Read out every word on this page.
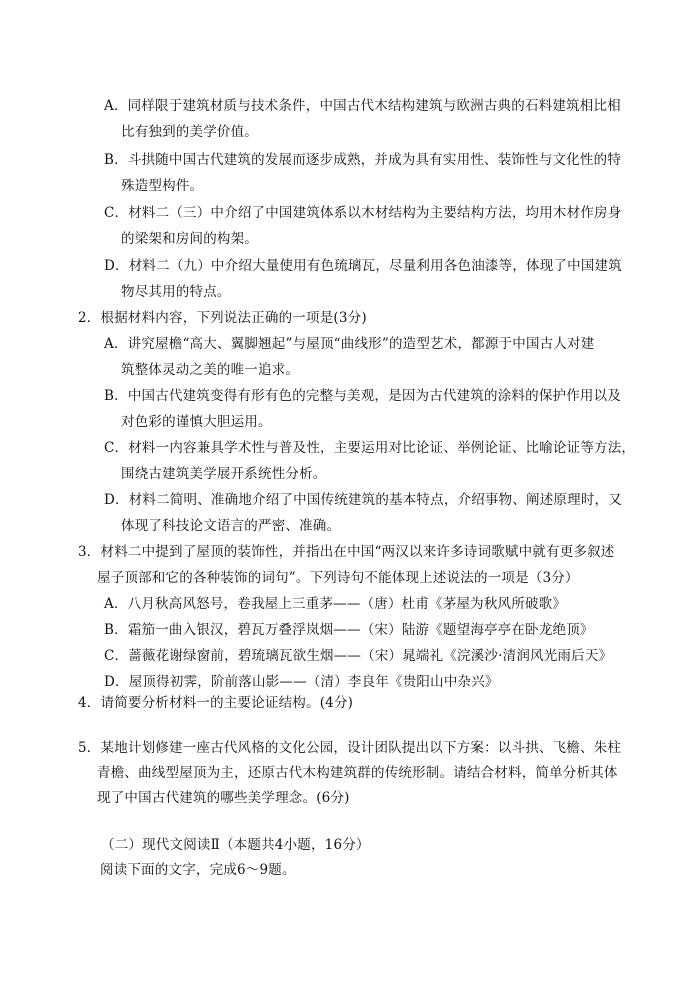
A．同样限于建筑材质与技术条件，中国古代木结构建筑与欧洲古典的石料建筑相比相
比有独到的美学价值。
B．斗拱随中国古代建筑的发展而逐步成熟，并成为具有实用性、装饰性与文化性的特
殊造型构件。
C．材料二（三）中介绍了中国建筑体系以木材结构为主要结构方法，均用木材作房身
的梁架和房间的构架。
D．材料二（九）中介绍大量使用有色琉璃瓦，尽量利用各色油漆等，体现了中国建筑
物尽其用的特点。
2．根据材料内容，下列说法正确的一项是(3分)
A．讲究屋檐“高大、翼脚翘起”与屋顶“曲线形”的造型艺术，都源于中国古人对建
筑整体灵动之美的唯一追求。
B．中国古代建筑变得有形有色的完整与美观，是因为古代建筑的涂料的保护作用以及
对色彩的谨慎大胆运用。
C．材料一内容兼具学术性与普及性，主要运用对比论证、举例论证、比喻论证等方法，
围绕古建筑美学展开系统性分析。
D．材料二简明、准确地介绍了中国传统建筑的基本特点，介绍事物、阐述原理时，又
体现了科技论文语言的严密、准确。
3．材料二中提到了屋顶的装饰性，并指出在中国“两汉以来许多诗词歌赋中就有更多叙述
屋子顶部和它的各种装饰的词句”。下列诗句不能体现上述说法的一项是（3分）
A．八月秋高风怒号，卷我屋上三重茅——（唐）杜甫《茅屋为秋风所破歌》
B．霜笳一曲入银汉，碧瓦万叠浮岚烟——（宋）陆游《题望海亭亭在卧龙绝顶》
C．蔷薇花谢绿窗前，碧琉璃瓦欲生烟——（宋）晁端礼《浣溪沙·清润风光雨后天》
D．屋顶得初霁，阶前落山影——（清）李良年《贵阳山中杂兴》
4．请简要分析材料一的主要论证结构。(4分)
5．某地计划修建一座古代风格的文化公园，设计团队提出以下方案：以斗拱、飞檐、朱柱
青檐、曲线型屋顶为主，还原古代木构建筑群的传统形制。请结合材料，简单分析其体
现了中国古代建筑的哪些美学理念。(6分)
（二）现代文阅读Ⅱ（本题共4小题，16分）
阅读下面的文字，完成6～9题。
